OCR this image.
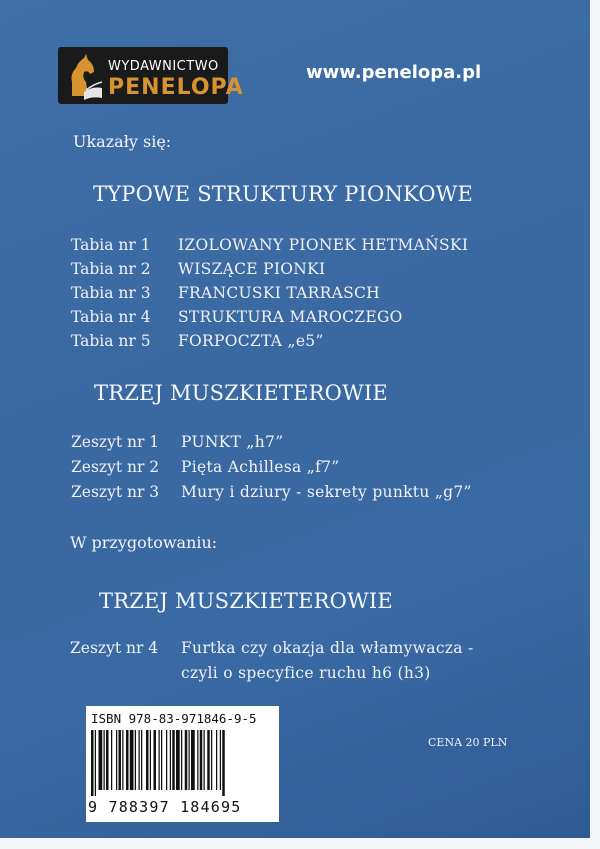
WYDAWNICTWO
PENELOPA
www.penelopa.pl
Ukazały się:
TYPOWE STRUKTURY PIONKOWE
Tabia nr 1 IZOLOWANY PIONEK HETMAŃSKI
Tabia nr 2 WISZĄCE PIONKI
Tabia nr 3 FRANCUSKI TARRASCH
Tabia nr 4 STRUKTURA MAROCZEGO
Tabia nr 5 FORPOCZTA „e5”
TRZEJ MUSZKIETEROWIE
Zeszyt nr 1 PUNKT „h7”
Zeszyt nr 2 Pięta Achillesa „f7”
Zeszyt nr 3 Mury i dziury - sekrety punktu „g7”
W przygotowaniu:
TRZEJ MUSZKIETEROWIE
Zeszyt nr 4 Furtka czy okazja dla włamywacza -
czyli o specyfice ruchu h6 (h3)
ISBN 978-83-971846-9-5
9 788397 184695
CENA 20 PLN
